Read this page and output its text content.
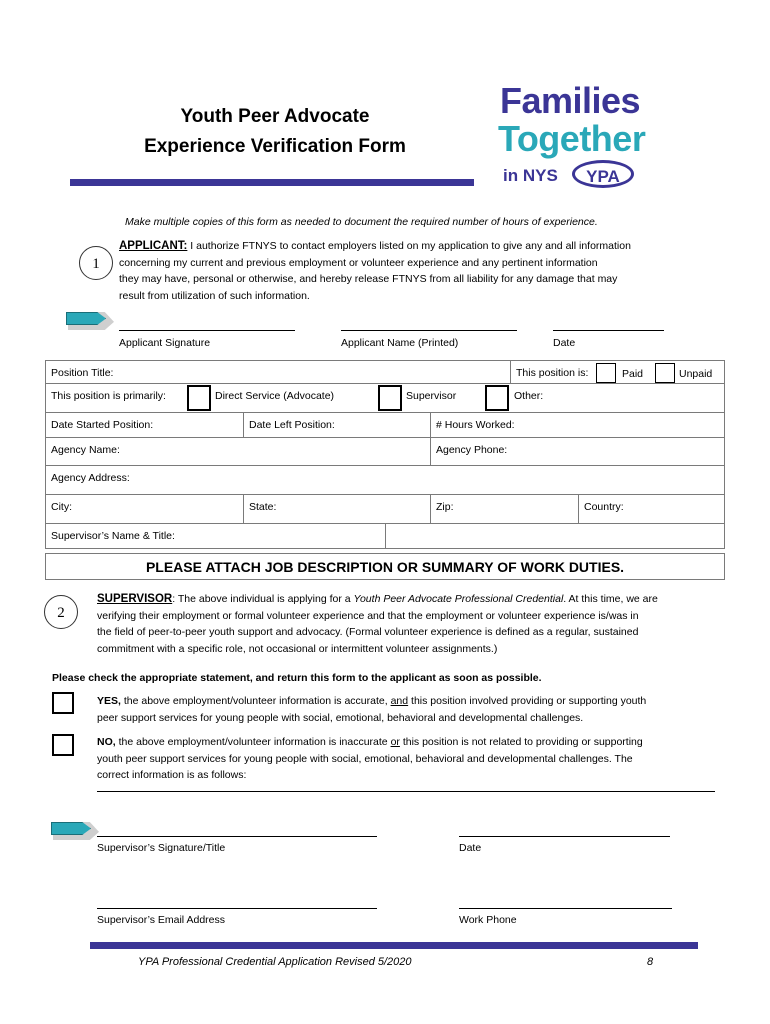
Youth Peer Advocate
Experience Verification Form
Families
Together
in NYS	YPA
Make multiple copies of this form as needed to document the required number of hours of experience.
1
APPLICANT: I authorize FTNYS to contact employers listed on my application to give any and all information
concerning my current and previous employment or volunteer experience and any pertinent information
they may have, personal or otherwise, and hereby release FTNYS from all liability for any damage that may
result from utilization of such information.
Applicant Signature	Applicant Name (Printed)	Date
Position Title:	This position is:	Paid	Unpaid
This position is primarily:	Direct Service (Advocate)	Supervisor	Other:
Date Started Position:	Date Left Position:	# Hours Worked:
Agency Name:	Agency Phone:
Agency Address:
City:	State:	Zip:	Country:
Supervisor’s Name & Title:
PLEASE ATTACH JOB DESCRIPTION OR SUMMARY OF WORK DUTIES.
2
SUPERVISOR: The above individual is applying for a Youth Peer Advocate Professional Credential. At this time, we are
verifying their employment or formal volunteer experience and that the employment or volunteer experience is/was in
the field of peer-to-peer youth support and advocacy. (Formal volunteer experience is defined as a regular, sustained
commitment with a specific role, not occasional or intermittent volunteer assignments.)
Please check the appropriate statement, and return this form to the applicant as soon as possible.
YES, the above employment/volunteer information is accurate, and this position involved providing or supporting youth
peer support services for young people with social, emotional, behavioral and developmental challenges.
NO, the above employment/volunteer information is inaccurate or this position is not related to providing or supporting
youth peer support services for young people with social, emotional, behavioral and developmental challenges. The
correct information is as follows:
Supervisor’s Signature/Title	Date
Supervisor’s Email Address	Work Phone
YPA Professional Credential Application Revised 5/2020	8
